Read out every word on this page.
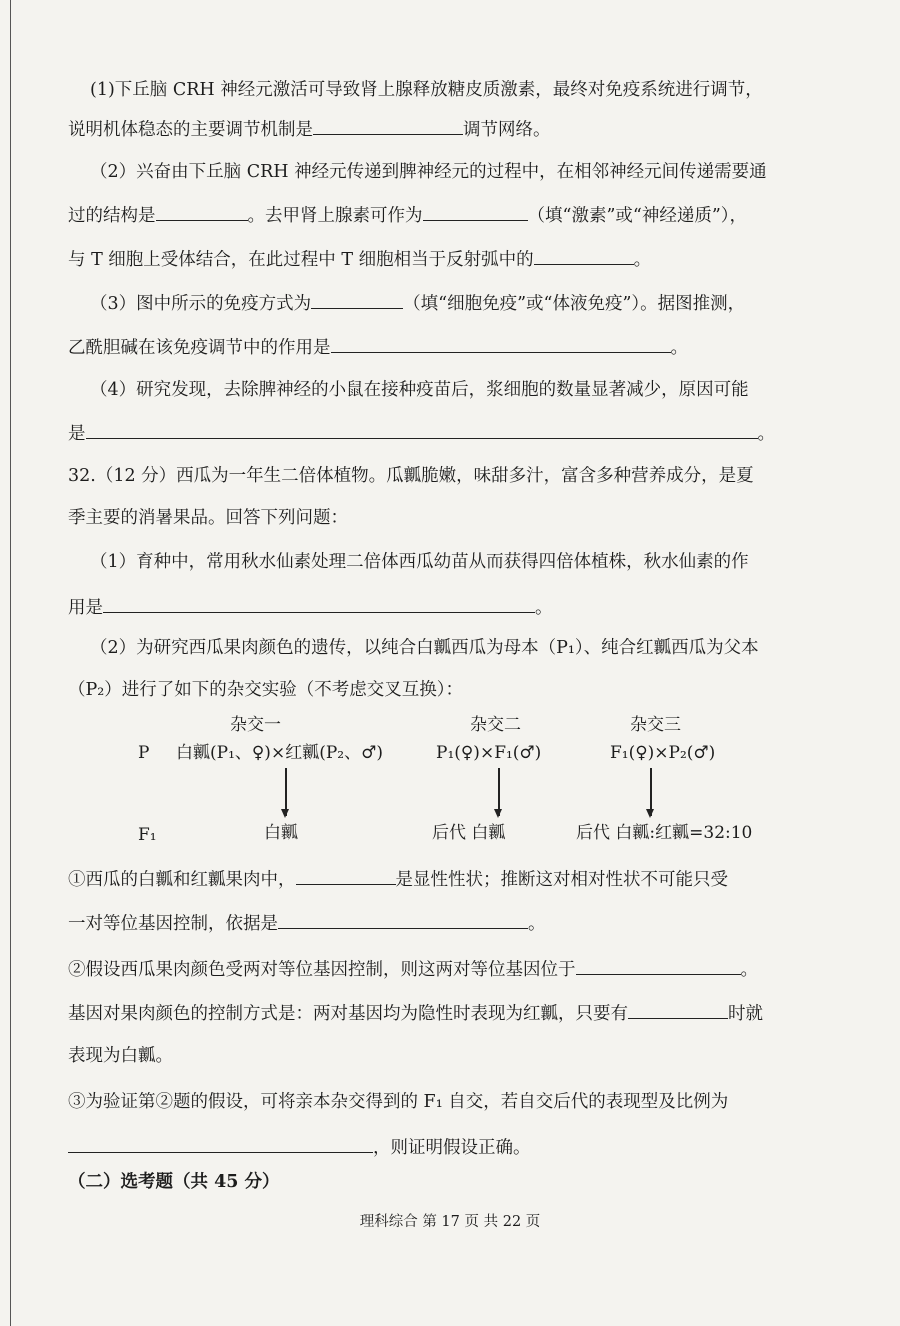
(1)下丘脑 CRH 神经元激活可导致肾上腺释放糖皮质激素，最终对免疫系统进行调节，
说明机体稳态的主要调节机制是	调节网络。
（2）兴奋由下丘脑 CRH 神经元传递到脾神经元的过程中，在相邻神经元间传递需要通
过的结构是	。去甲肾上腺素可作为	（填“激素”或“神经递质”），
与 T 细胞上受体结合，在此过程中 T 细胞相当于反射弧中的	。
（3）图中所示的免疫方式为	（填“细胞免疫”或“体液免疫”）。据图推测，
乙酰胆碱在该免疫调节中的作用是	。
（4）研究发现，去除脾神经的小鼠在接种疫苗后，浆细胞的数量显著减少，原因可能
是	。
32.（12 分）西瓜为一年生二倍体植物。瓜瓤脆嫩，味甜多汁，富含多种营养成分，是夏
季主要的消暑果品。回答下列问题：
（1）育种中，常用秋水仙素处理二倍体西瓜幼苗从而获得四倍体植株，秋水仙素的作
用是	。
（2）为研究西瓜果肉颜色的遗传，以纯合白瓤西瓜为母本（P₁）、纯合红瓤西瓜为父本
（P₂）进行了如下的杂交实验（不考虑交叉互换）：
杂交一	杂交二	杂交三
P 白瓤(P₁、♀)×红瓤(P₂、♂)	P₁(♀)×F₁(♂)	F₁(♀)×P₂(♂)
F₁	白瓤	后代 白瓤	后代 白瓤:红瓤=32:10
①西瓜的白瓤和红瓤果肉中，	是显性性状；推断这对相对性状不可能只受
一对等位基因控制，依据是	。
②假设西瓜果肉颜色受两对等位基因控制，则这两对等位基因位于	。
基因对果肉颜色的控制方式是：两对基因均为隐性时表现为红瓤，只要有	时就
表现为白瓤。
③为验证第②题的假设，可将亲本杂交得到的 F₁ 自交，若自交后代的表现型及比例为
，则证明假设正确。
（二）选考题（共 45 分）
理科综合 第 17 页 共 22 页
